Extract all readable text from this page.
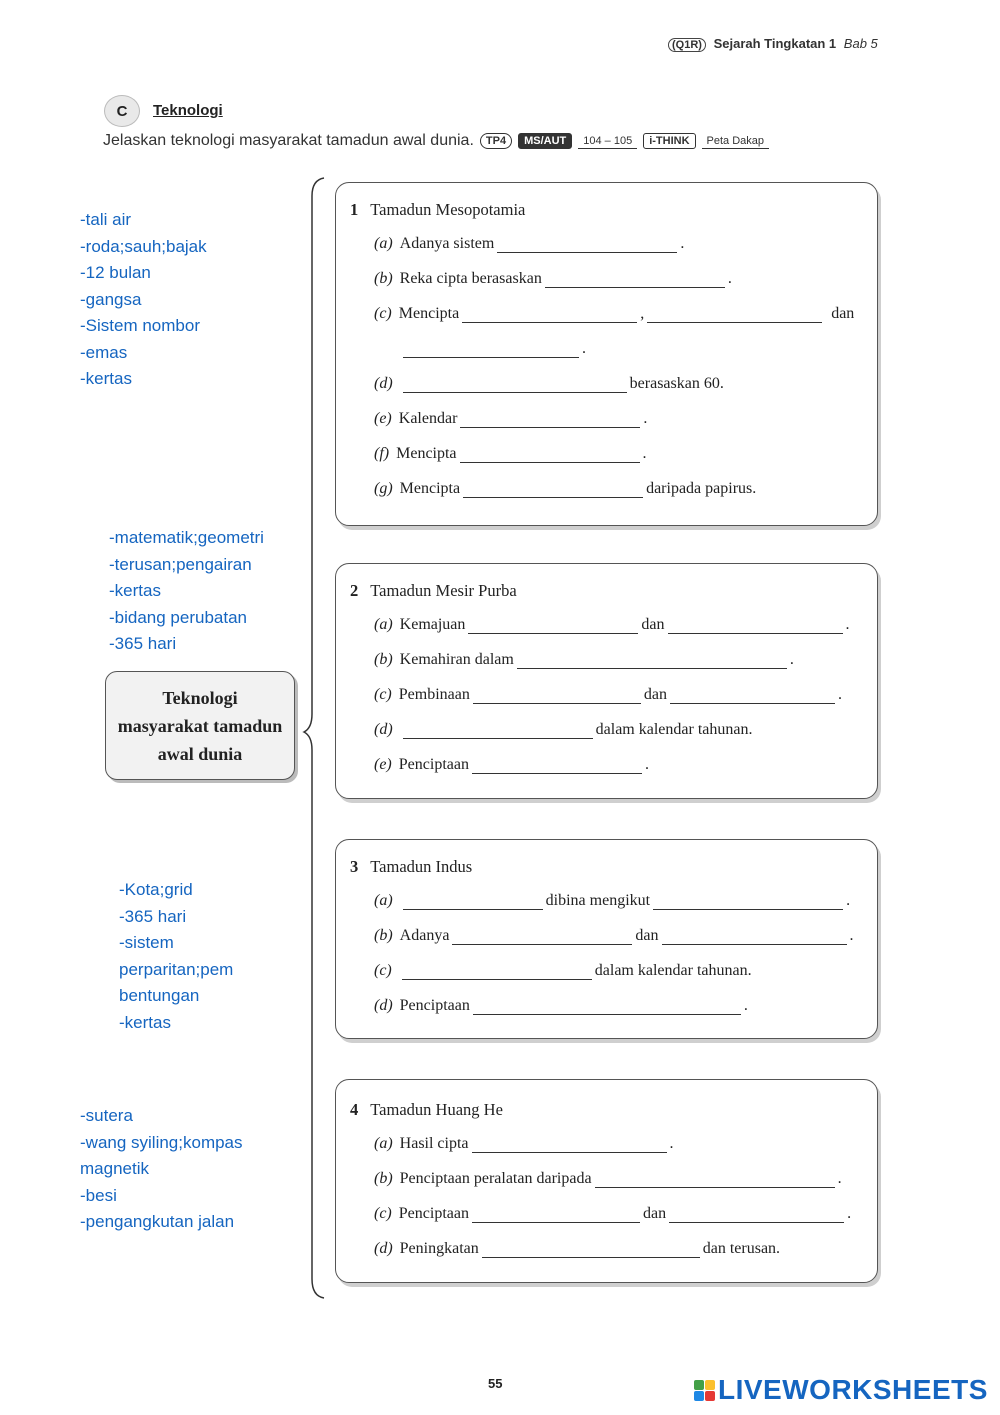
(Q1R) Sejarah Tingkatan 1 Bab 5
C	Teknologi
Jelaskan teknologi masyarakat tamadun awal dunia.	TP4	MS/AUT	104 – 105	i-THINK	Peta Dakap
-tali air
-roda;sauh;bajak
-12 bulan
-gangsa
-Sistem nombor
-emas
-kertas
-matematik;geometri
-terusan;pengairan
-kertas
-bidang perubatan
-365 hari
-Kota;grid
-365 hari
-sistem
perparitan;pem
bentungan
-kertas
-sutera
-wang syiling;kompas
magnetik
-besi
-pengangkutan jalan
Teknologi masyarakat tamadun awal dunia
1 Tamadun Mesopotamia
(a) Adanya sistem	.
(b) Reka cipta berasaskan	.
(c) Mencipta	,	dan
.
(d)	berasaskan 60.
(e) Kalendar	.
(f) Mencipta	.
(g) Mencipta	daripada papirus.
2 Tamadun Mesir Purba
(a) Kemajuan	dan	.
(b) Kemahiran dalam	.
(c) Pembinaan	dan	.
(d)	dalam kalendar tahunan.
(e) Penciptaan	.
3 Tamadun Indus
(a)	dibina mengikut	.
(b) Adanya	dan	.
(c)	dalam kalendar tahunan.
(d) Penciptaan	.
4 Tamadun Huang He
(a) Hasil cipta	.
(b) Penciptaan peralatan daripada	.
(c) Penciptaan	dan	.
(d) Peningkatan	dan terusan.
55	LIVEWORKSHEETS
